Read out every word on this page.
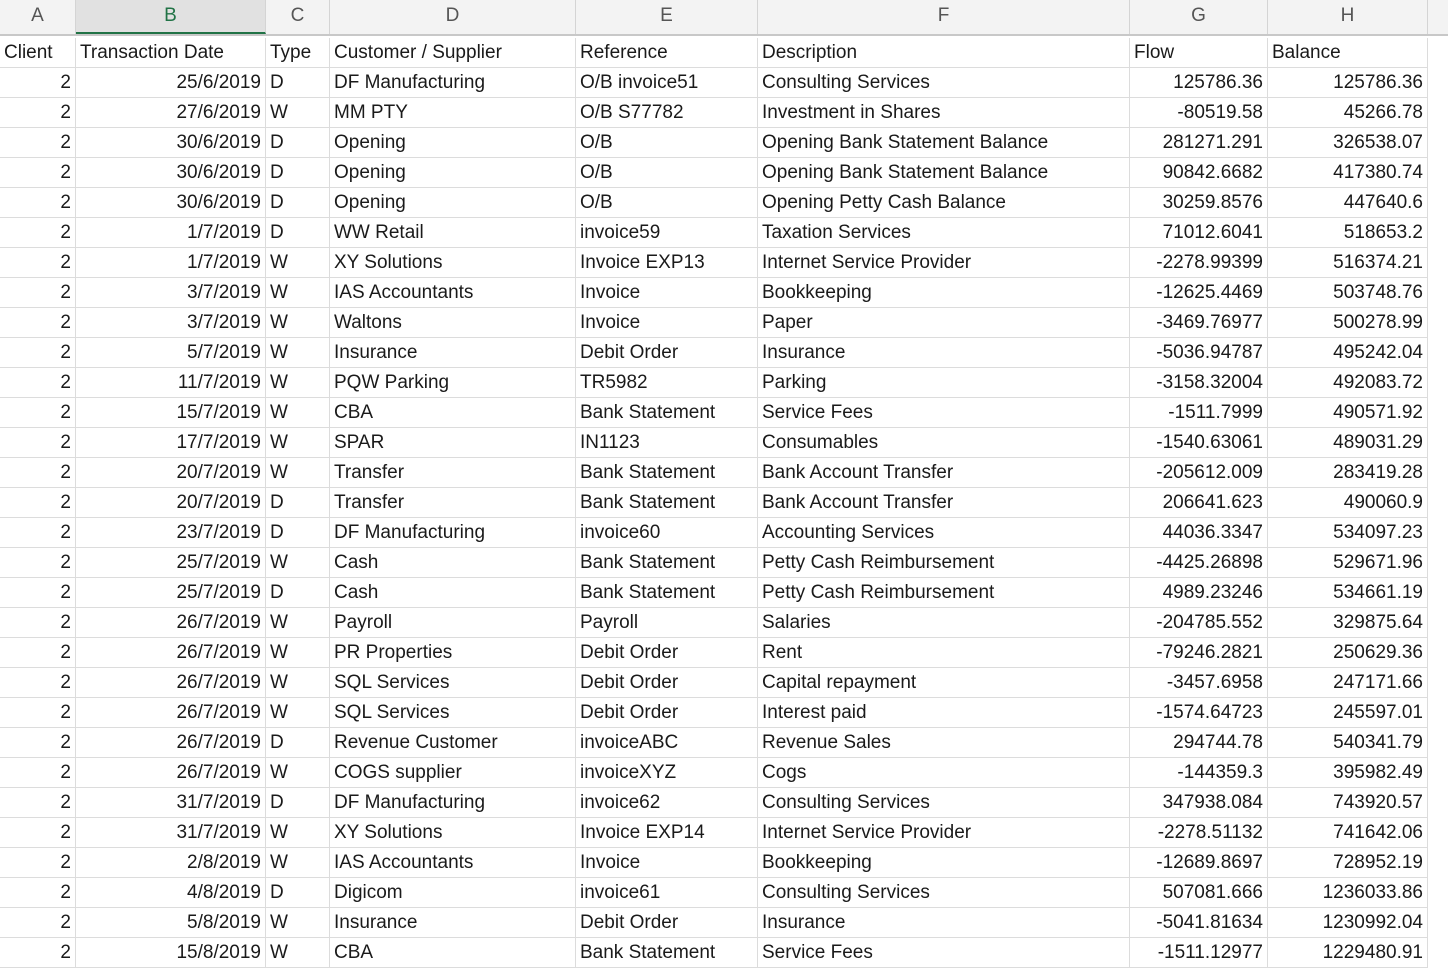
A	B	C	D	E	F	G	H
Client	Transaction Date	Type	Customer / Supplier	Reference	Description	Flow	Balance
2	25/6/2019 D	DF Manufacturing	O/B invoice51	Consulting Services	125786.36	125786.36
2	27/6/2019 W	MM PTY	O/B S77782	Investment in Shares	-80519.58	45266.78
2	30/6/2019 D	Opening	O/B	Opening Bank Statement Balance	281271.291	326538.07
2	30/6/2019 D	Opening	O/B	Opening Bank Statement Balance	90842.6682	417380.74
2	30/6/2019 D	Opening	O/B	Opening Petty Cash Balance	30259.8576	447640.6
2	1/7/2019 D	WW Retail	invoice59	Taxation Services	71012.6041	518653.2
2	1/7/2019 W	XY Solutions	Invoice EXP13	Internet Service Provider	-2278.99399	516374.21
2	3/7/2019 W	IAS Accountants	Invoice	Bookkeeping	-12625.4469	503748.76
2	3/7/2019 W	Waltons	Invoice	Paper	-3469.76977	500278.99
2	5/7/2019 W	Insurance	Debit Order	Insurance	-5036.94787	495242.04
2	11/7/2019 W	PQW Parking	TR5982	Parking	-3158.32004	492083.72
2	15/7/2019 W	CBA	Bank Statement	Service Fees	-1511.7999	490571.92
2	17/7/2019 W	SPAR	IN1123	Consumables	-1540.63061	489031.29
2	20/7/2019 W	Transfer	Bank Statement	Bank Account Transfer	-205612.009	283419.28
2	20/7/2019 D	Transfer	Bank Statement	Bank Account Transfer	206641.623	490060.9
2	23/7/2019 D	DF Manufacturing	invoice60	Accounting Services	44036.3347	534097.23
2	25/7/2019 W	Cash	Bank Statement	Petty Cash Reimbursement	-4425.26898	529671.96
2	25/7/2019 D	Cash	Bank Statement	Petty Cash Reimbursement	4989.23246	534661.19
2	26/7/2019 W	Payroll	Payroll	Salaries	-204785.552	329875.64
2	26/7/2019 W	PR Properties	Debit Order	Rent	-79246.2821	250629.36
2	26/7/2019 W	SQL Services	Debit Order	Capital repayment	-3457.6958	247171.66
2	26/7/2019 W	SQL Services	Debit Order	Interest paid	-1574.64723	245597.01
2	26/7/2019 D	Revenue Customer	invoiceABC	Revenue Sales	294744.78	540341.79
2	26/7/2019 W	COGS supplier	invoiceXYZ	Cogs	-144359.3	395982.49
2	31/7/2019 D	DF Manufacturing	invoice62	Consulting Services	347938.084	743920.57
2	31/7/2019 W	XY Solutions	Invoice EXP14	Internet Service Provider	-2278.51132	741642.06
2	2/8/2019 W	IAS Accountants	Invoice	Bookkeeping	-12689.8697	728952.19
2	4/8/2019 D	Digicom	invoice61	Consulting Services	507081.666	1236033.86
2	5/8/2019 W	Insurance	Debit Order	Insurance	-5041.81634	1230992.04
2	15/8/2019 W	CBA	Bank Statement	Service Fees	-1511.12977	1229480.91
